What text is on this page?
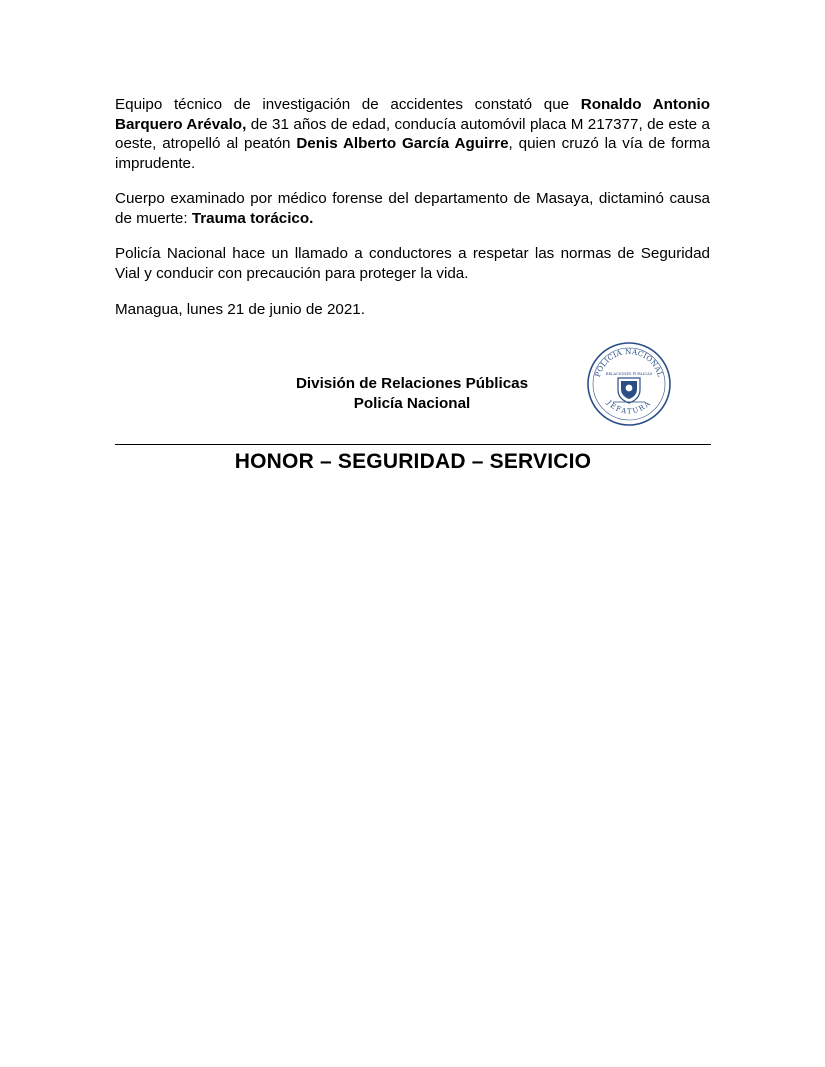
Equipo técnico de investigación de accidentes constató que Ronaldo Antonio Barquero Arévalo, de 31 años de edad, conducía automóvil placa M 217377, de este a oeste, atropelló al peatón Denis Alberto García Aguirre, quien cruzó la vía de forma imprudente.

Cuerpo examinado por médico forense del departamento de Masaya, dictaminó causa de muerte: Trauma torácico.

Policía Nacional hace un llamado a conductores a respetar las normas de Seguridad Vial y conducir con precaución para proteger la vida.

Managua, lunes 21 de junio de 2021.

División de Relaciones Públicas
Policía Nacional
POLICIA NACIONAL
JEFATURA
RELACIONES PUBLICAS
HONOR – SEGURIDAD – SERVICIO
